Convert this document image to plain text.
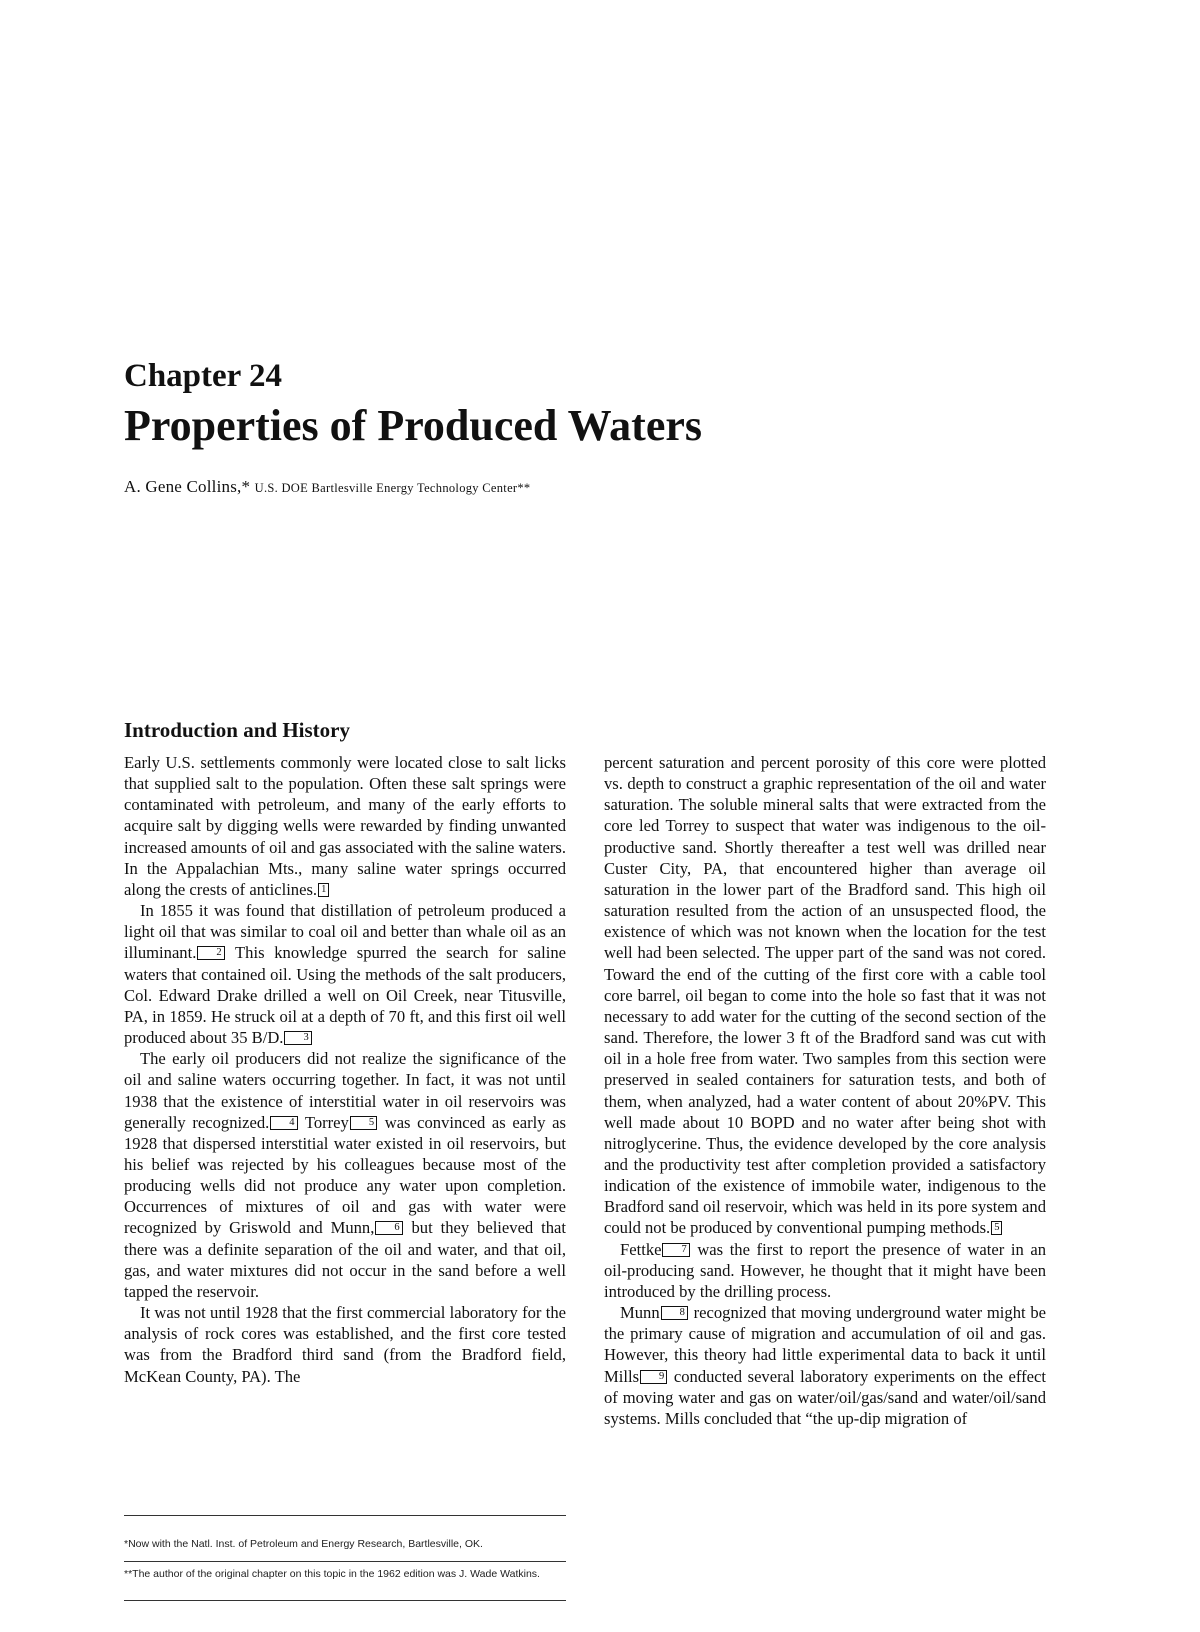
Chapter 24
Properties of Produced Waters

A. Gene Collins,* U.S. DOE Bartlesville Energy Technology Center**

Introduction and History

Early U.S. settlements commonly were located close to salt licks that supplied salt to the population. Often these salt springs were contaminated with petroleum, and many of the early efforts to acquire salt by digging wells were rewarded by finding unwanted increased amounts of oil and gas associated with the saline waters. In the Appalachian Mts., many saline water springs occurred along the crests of anticlines. 1

In 1855 it was found that distillation of petroleum produced a light oil that was similar to coal oil and better than whale oil as an illuminant. 2 This knowledge spurred the search for saline waters that contained oil. Using the methods of the salt producers, Col. Edward Drake drilled a well on Oil Creek, near Titusville, PA, in 1859. He struck oil at a depth of 70 ft, and this first oil well produced about 35 B/D. 3

The early oil producers did not realize the significance of the oil and saline waters occurring together. In fact, it was not until 1938 that the existence of interstitial water in oil reservoirs was generally recognized. 4 Torrey 5 was convinced as early as 1928 that dispersed interstitial water existed in oil reservoirs, but his belief was rejected by his colleagues because most of the producing wells did not produce any water upon completion. Occurrences of mixtures of oil and gas with water were recognized by Griswold and Munn, 6 but they believed that there was a definite separation of the oil and water, and that oil, gas, and water mixtures did not occur in the sand before a well tapped the reservoir.

It was not until 1928 that the first commercial laboratory for the analysis of rock cores was established, and the first core tested was from the Bradford third sand (from the Bradford field, McKean County, PA). The

*Now with the Natl. Inst. of Petroleum and Energy Research, Bartlesville, OK.

**The author of the original chapter on this topic in the 1962 edition was J. Wade Watkins.

percent saturation and percent porosity of this core were plotted vs. depth to construct a graphic representation of the oil and water saturation. The soluble mineral salts that were extracted from the core led Torrey to suspect that water was indigenous to the oil-productive sand. Shortly thereafter a test well was drilled near Custer City, PA, that encountered higher than average oil saturation in the lower part of the Bradford sand. This high oil saturation resulted from the action of an unsuspected flood, the existence of which was not known when the location for the test well had been selected. The upper part of the sand was not cored. Toward the end of the cutting of the first core with a cable tool core barrel, oil began to come into the hole so fast that it was not necessary to add water for the cutting of the second section of the sand. Therefore, the lower 3 ft of the Bradford sand was cut with oil in a hole free from water. Two samples from this section were preserved in sealed containers for saturation tests, and both of them, when analyzed, had a water content of about 20%PV. This well made about 10 BOPD and no water after being shot with nitroglycerine. Thus, the evidence developed by the core analysis and the productivity test after completion provided a satisfactory indication of the existence of immobile water, indigenous to the Bradford sand oil reservoir, which was held in its pore system and could not be produced by conventional pumping methods. 5

Fettke 7 was the first to report the presence of water in an oil-producing sand. However, he thought that it might have been introduced by the drilling process.

Munn 8 recognized that moving underground water might be the primary cause of migration and accumulation of oil and gas. However, this theory had little experimental data to back it until Mills 9 conducted several laboratory experiments on the effect of moving water and gas on water/oil/gas/sand and water/oil/sand systems. Mills concluded that “the up-dip migration of
